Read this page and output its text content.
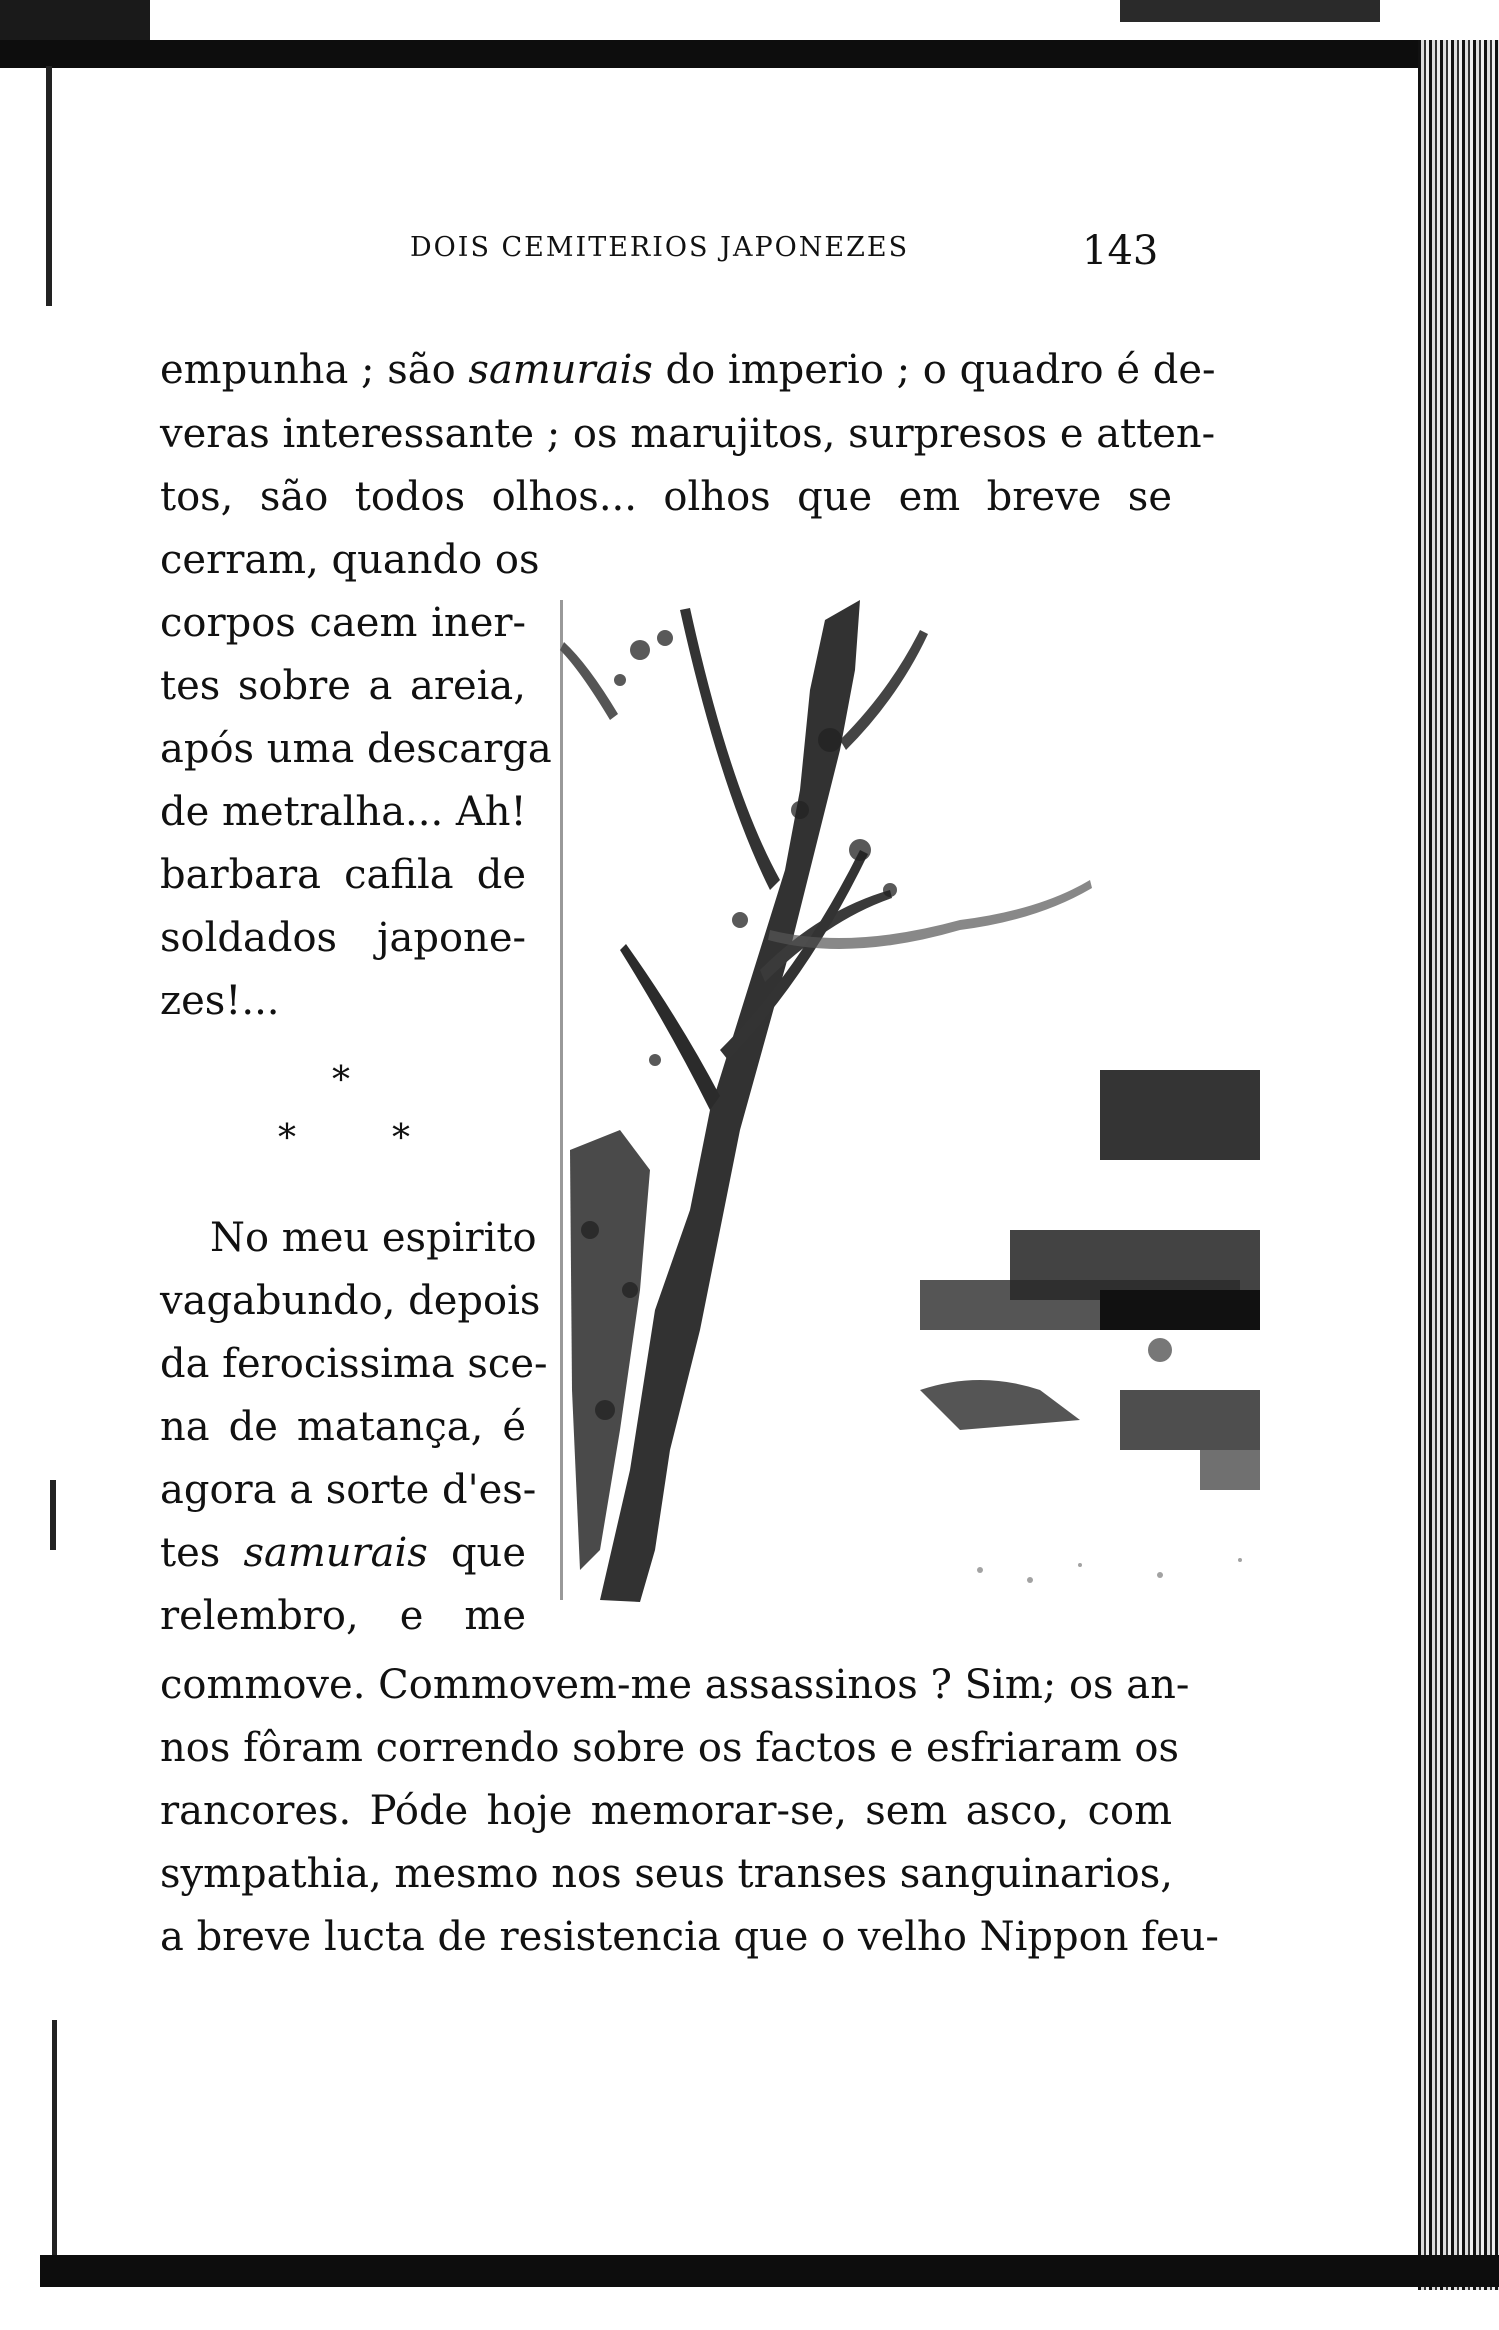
DOIS CEMITERIOS JAPONEZES	143
empunha ; são samurais do imperio ; o quadro é de-
veras interessante ; os marujitos, surpresos e atten-
tos, são todos olhos... olhos que em breve se
cerram, quando os
corpos caem iner-
tes sobre a areia,
após uma descarga
de metralha... Ah!
barbara cafila de
soldados japone-
zes!...
*
*	*
No meu espirito
vagabundo, depois
da ferocissima sce-
na de matança, é
agora a sorte d'es-
tes samurais que
relembro, e me
commove. Commovem-me assassinos ? Sim; os an-
nos fôram correndo sobre os factos e esfriaram os
rancores. Póde hoje memorar-se, sem asco, com
sympathia, mesmo nos seus transes sanguinarios,
a breve lucta de resistencia que o velho Nippon feu-
